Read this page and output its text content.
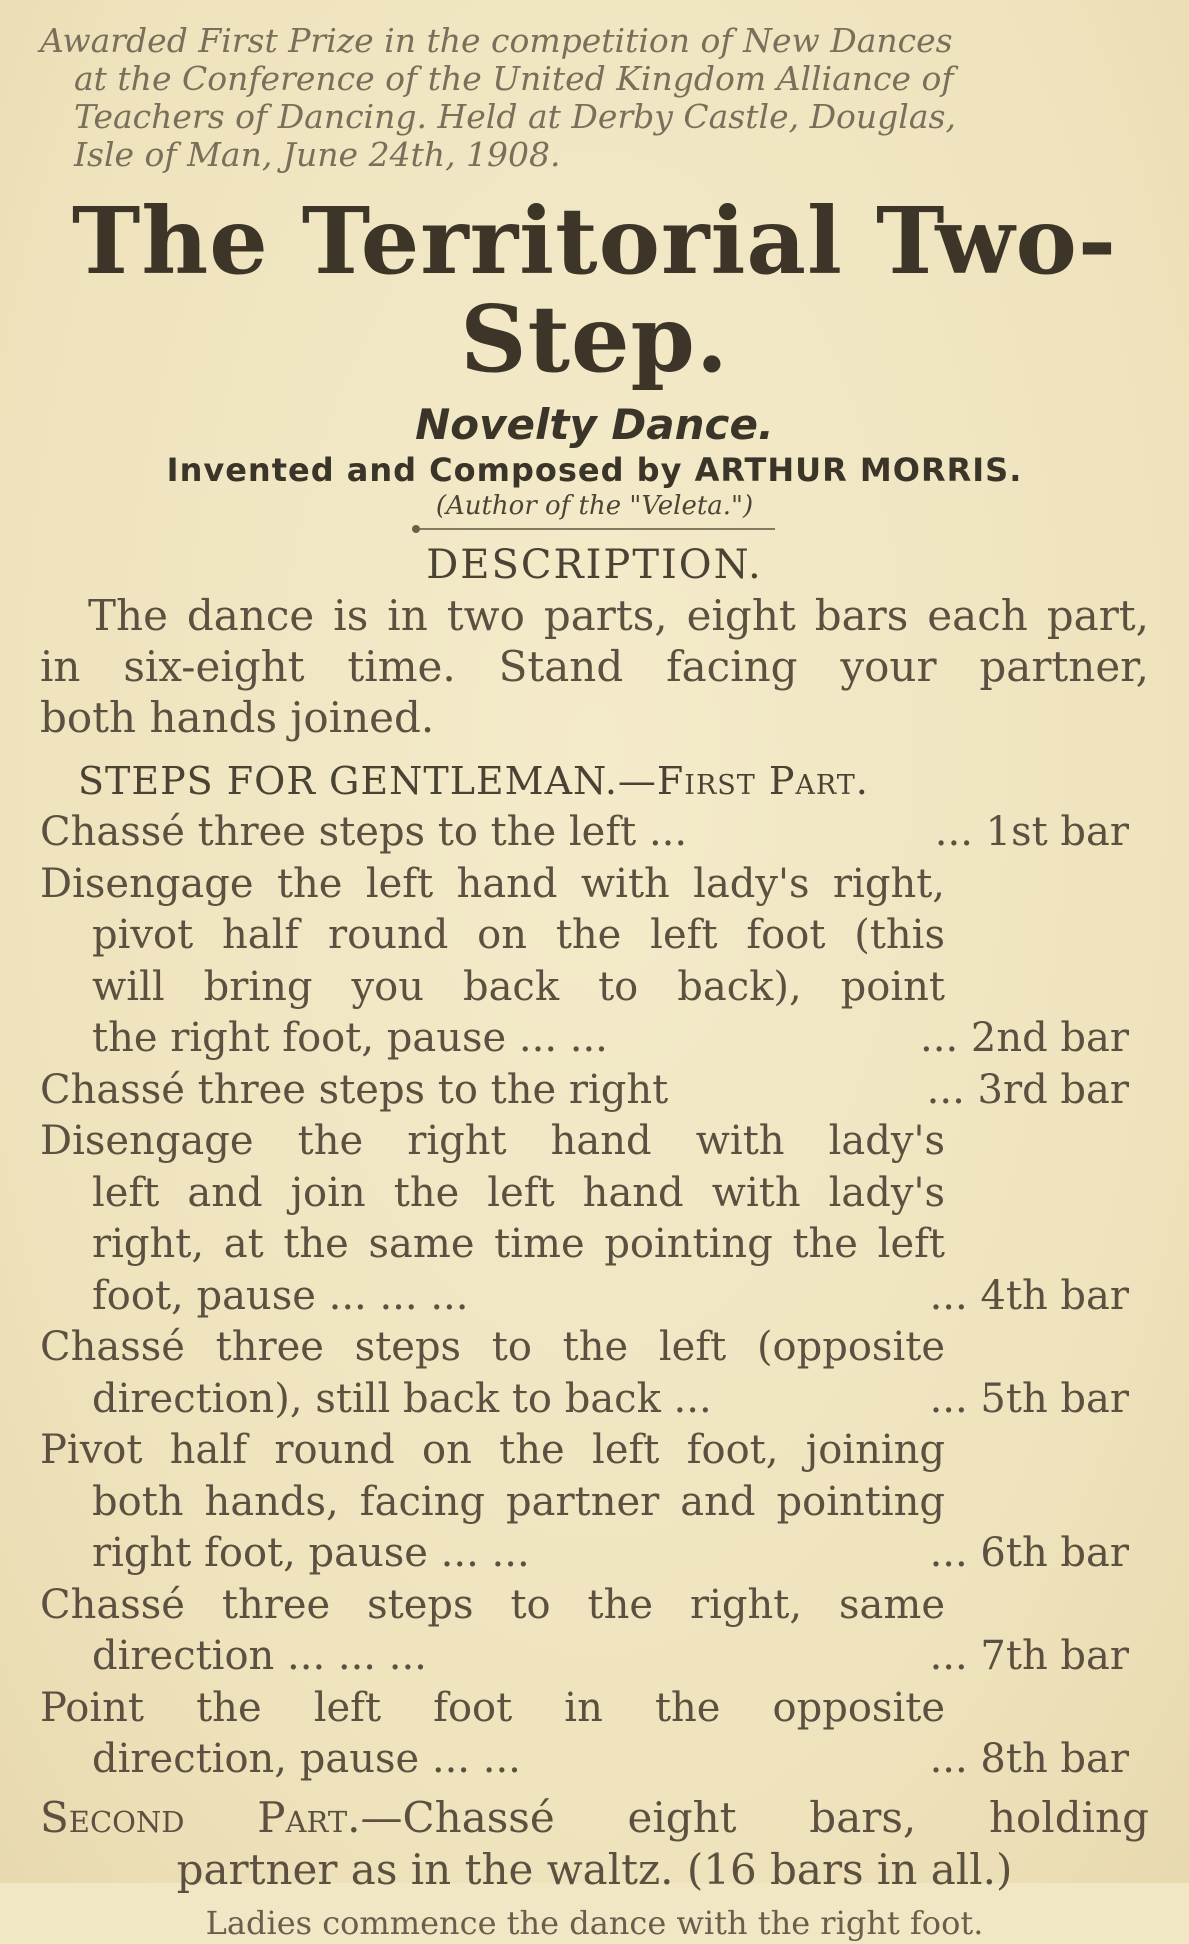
Awarded First Prize in the competition of New Dances
at the Conference of the United Kingdom Alliance of
Teachers of Dancing. Held at Derby Castle, Douglas,
Isle of Man, June 24th, 1908.
The Territorial Two-Step.
Novelty Dance.
Invented and Composed by ARTHUR MORRIS.
(Author of the "Veleta.")
DESCRIPTION.
The dance is in two parts, eight bars each part,
in six-eight time. Stand facing your partner,
both hands joined.
STEPS FOR GENTLEMAN.—First Part.
Chassé three steps to the left ...	... 1st bar
Disengage the left hand with lady's right,
pivot half round on the left foot (this
will bring you back to back), point
the right foot, pause ... ...	... 2nd bar
Chassé three steps to the right	... 3rd bar
Disengage the right hand with lady's
left and join the left hand with lady's
right, at the same time pointing the left
foot, pause ... ... ...	... 4th bar
Chassé three steps to the left (opposite
direction), still back to back ...	... 5th bar
Pivot half round on the left foot, joining
both hands, facing partner and pointing
right foot, pause ... ...	... 6th bar
Chassé three steps to the right, same
direction ... ... ...	... 7th bar
Point the left foot in the opposite
direction, pause ... ...	... 8th bar
Second Part.—Chassé eight bars, holding
partner as in the waltz. (16 bars in all.)
Ladies commence the dance with the right foot.
